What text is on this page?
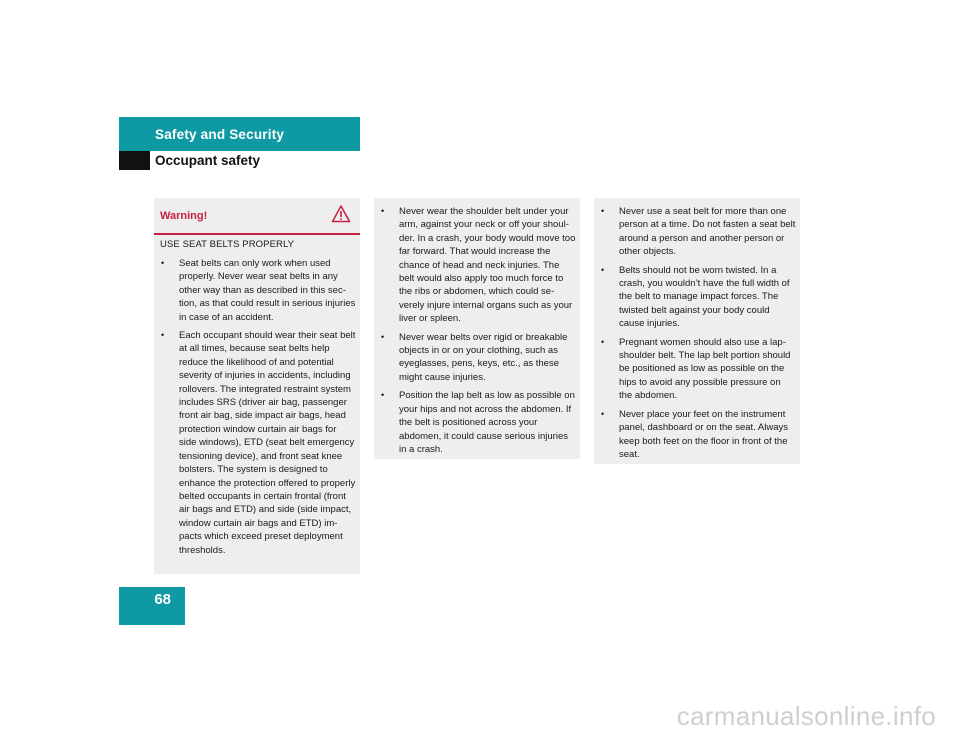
Safety and Security
Occupant safety
Warning!
USE SEAT BELTS PROPERLY
• Seat belts can only work when used properly. Never wear seat belts in any other way than as described in this section, as that could result in serious injuries in case of an accident.
• Each occupant should wear their seat belt at all times, because seat belts help reduce the likelihood of and potential severity of injuries in accidents, including rollovers. The integrated restraint system includes SRS (driver air bag, passenger front air bag, side impact air bags, head protection window curtain air bags for side windows), ETD (seat belt emergency tensioning device), and front seat knee bolsters. The system is designed to enhance the protection offered to properly belted occupants in certain frontal (front air bags and ETD) and side (side impact, window curtain air bags and ETD) impacts which exceed preset deployment thresholds.
• Never wear the shoulder belt under your arm, against your neck or off your shoulder. In a crash, your body would move too far forward. That would increase the chance of head and neck injuries. The belt would also apply too much force to the ribs or abdomen, which could severely injure internal organs such as your liver or spleen.
• Never wear belts over rigid or breakable objects in or on your clothing, such as eyeglasses, pens, keys, etc., as these might cause injuries.
• Position the lap belt as low as possible on your hips and not across the abdomen. If the belt is positioned across your abdomen, it could cause serious injuries in a crash.
• Never use a seat belt for more than one person at a time. Do not fasten a seat belt around a person and another person or other objects.
• Belts should not be worn twisted. In a crash, you wouldn’t have the full width of the belt to manage impact forces. The twisted belt against your body could cause injuries.
• Pregnant women should also use a lap-shoulder belt. The lap belt portion should be positioned as low as possible on the hips to avoid any possible pressure on the abdomen.
• Never place your feet on the instrument panel, dashboard or on the seat. Always keep both feet on the floor in front of the seat.
68
carmanualsonline.info
